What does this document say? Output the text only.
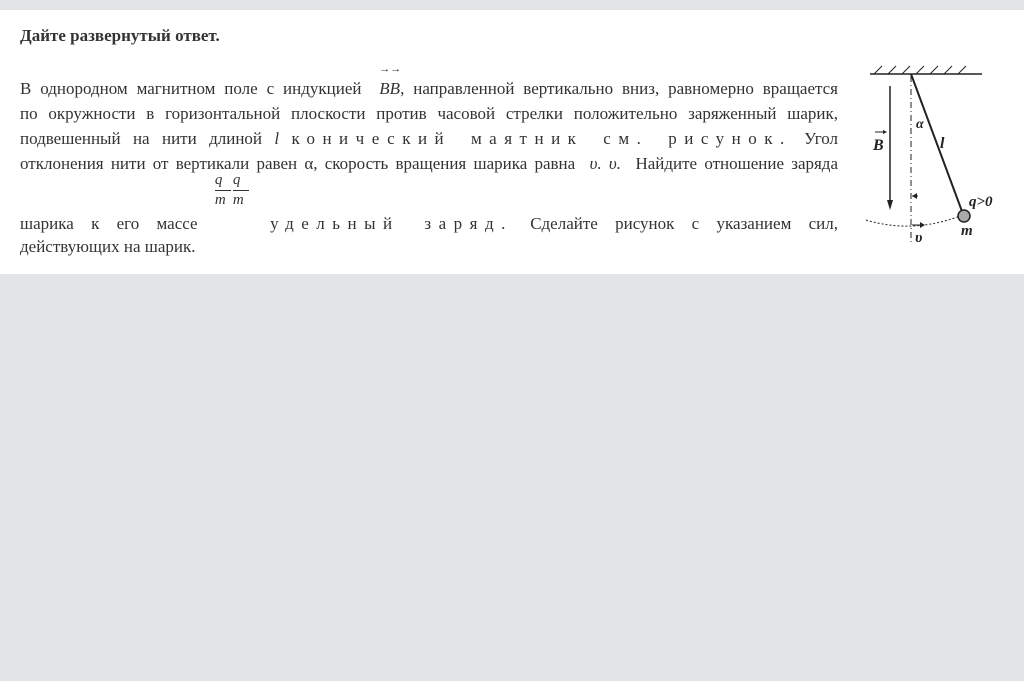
Дайте развернутый ответ.

В однородном магнитном поле с индукцией
→→
BB, направленной вертикально вниз, равномерно вращается
по окружности в горизонтальной плоскости против часовой стрелки положительно заряженный шарик,
подвешенный на нити длиной l конический маятник см. рисунок. Угол
отклонения нити от вертикали равен α, скорость вращения шарика равна υ. υ. Найдите отношение заряда
шарика к его массе
$\frac{q}{m} \frac{q}{m}$
удельный заряд. Сделайте рисунок с указанием сил,
действующих на шарик.
B
α
l
q>0
m
υ
